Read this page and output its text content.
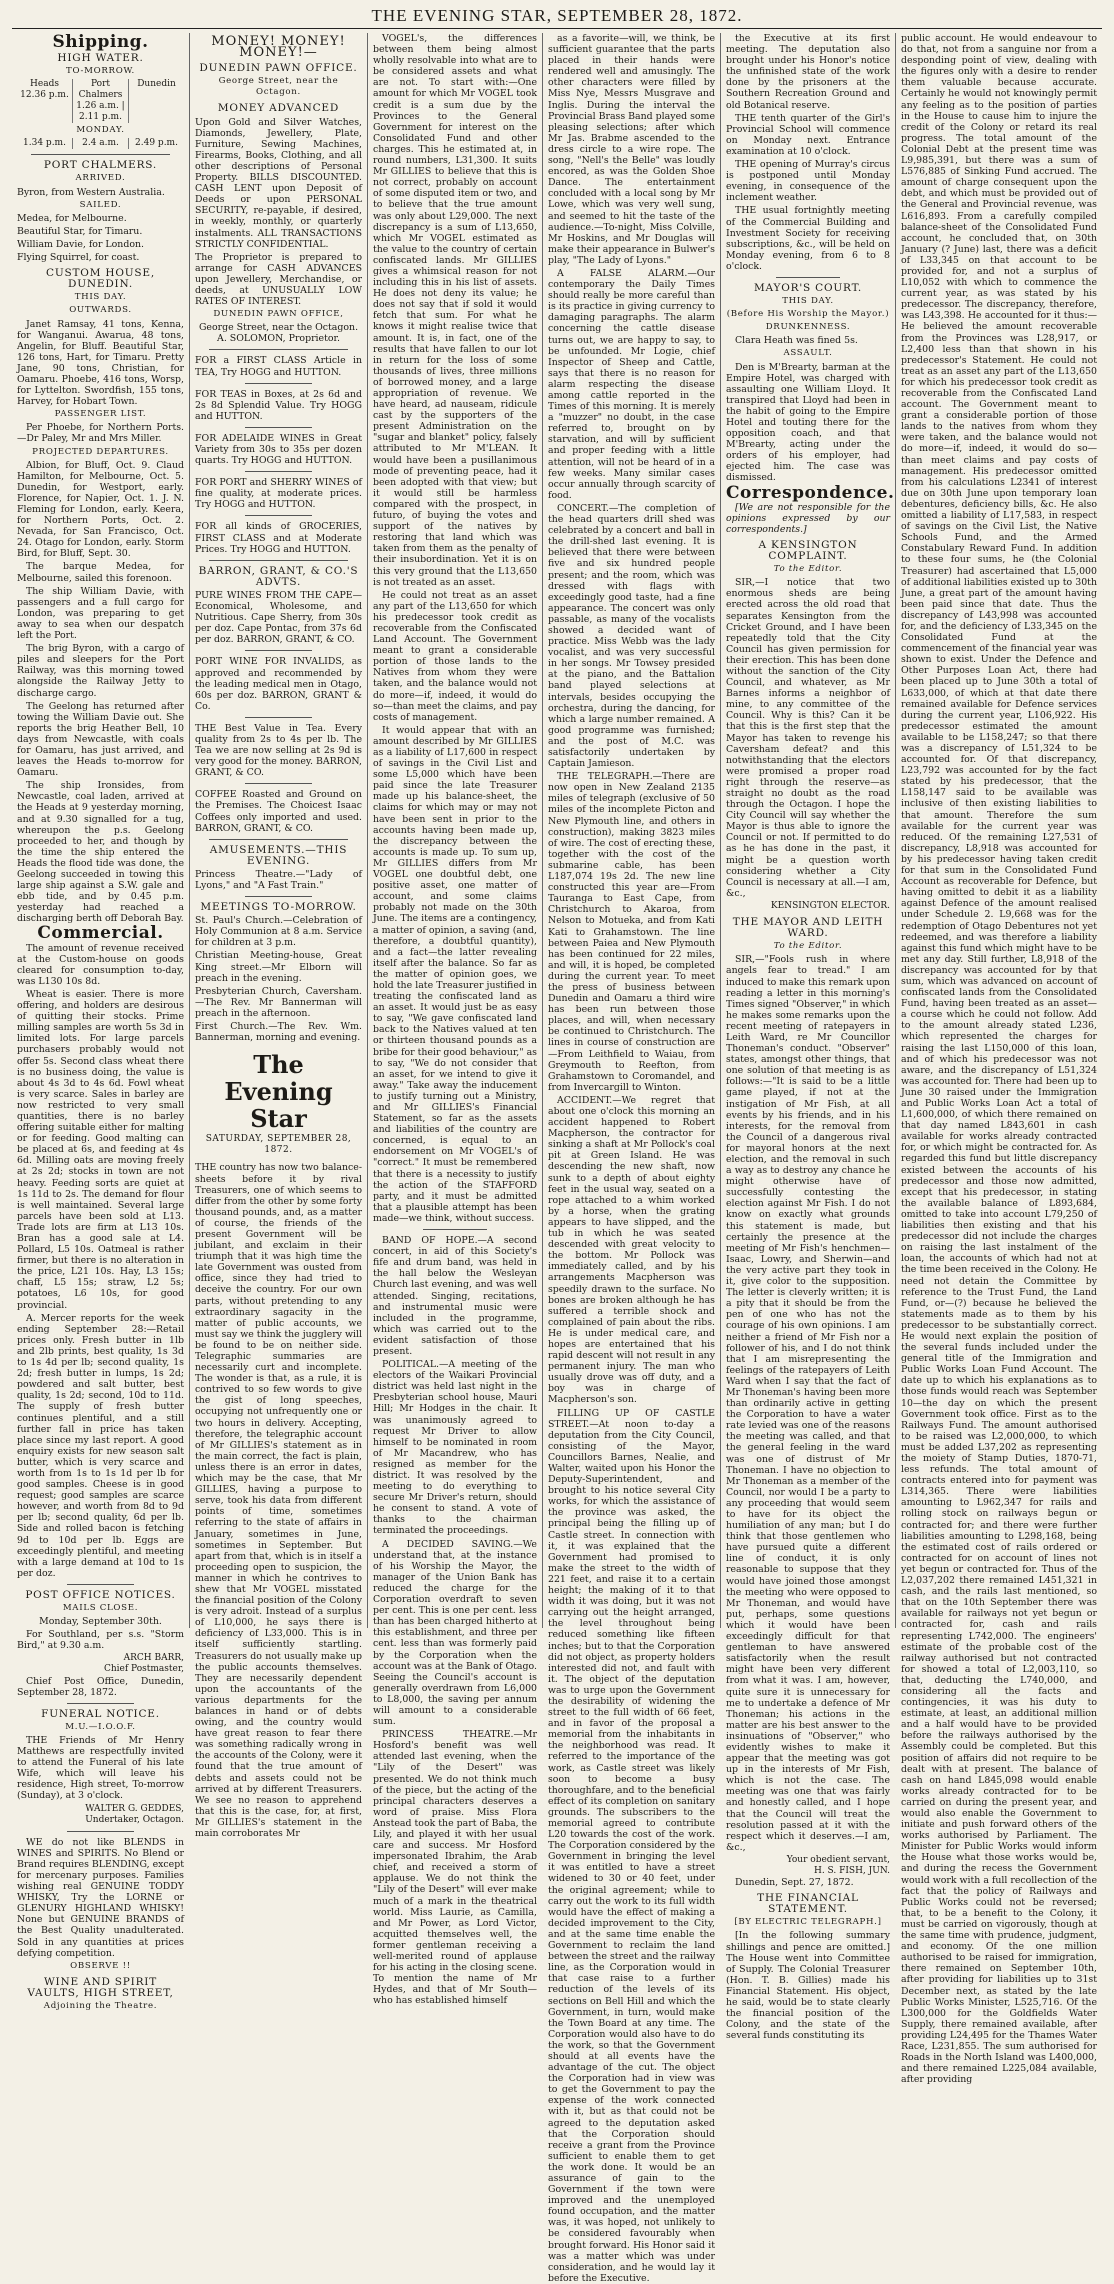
THE EVENING STAR, SEPTEMBER 28, 1872.
Shipping.
HIGH WATER.
TO-MORROW.
Heads 12.36 p.m.
Port Chalmers 1.26 a.m. | 2.11 p.m.
Dunedin
MONDAY.
1.34 p.m.	2.4 a.m.	2.49 p.m.
PORT CHALMERS.
ARRIVED.

Byron, from Western Australia.

SAILED.

Medea, for Melbourne.

Beautiful Star, for Timaru.

William Davie, for London.

Flying Squirrel, for coast.

CUSTOM HOUSE, DUNEDIN.
THIS DAY.
OUTWARDS.

Janet Ramsay, 41 tons, Kenna, for Wanganui. Awarua, 48 tons, Angelin, for Bluff. Beautiful Star, 126 tons, Hart, for Timaru. Pretty Jane, 90 tons, Christian, for Oamaru. Phoebe, 416 tons, Worsp, for Lyttelton. Swordfish, 155 tons, Harvey, for Hobart Town.

PASSENGER LIST.

Per Phoebe, for Northern Ports.—Dr Paley, Mr and Mrs Miller.

PROJECTED DEPARTURES.

Albion, for Bluff, Oct. 9. Claud Hamilton, for Melbourne, Oct. 5. Dunedin, for Westport, early. Florence, for Napier, Oct. 1. J. N. Fleming for London, early. Keera, for Northern Ports, Oct. 2. Nevada, for San Francisco, Oct. 24. Otago for London, early. Storm Bird, for Bluff, Sept. 30.

The barque Medea, for Melbourne, sailed this forenoon.

The ship William Davie, with passengers and a full cargo for London, was preparing to get away to sea when our despatch left the Port.

The brig Byron, with a cargo of piles and sleepers for the Port Railway, was this morning towed alongside the Railway Jetty to discharge cargo.

The Geelong has returned after towing the William Davie out. She reports the brig Heather Bell, 10 days from Newcastle, with coals for Oamaru, has just arrived, and leaves the Heads to-morrow for Oamaru.

The ship Ironsides, from Newcastle, coal laden, arrived at the Heads at 9 yesterday morning, and at 9.30 signalled for a tug, whereupon the p.s. Geelong proceeded to her, and though by the time the ship entered the Heads the flood tide was done, the Geelong succeeded in towing this large ship against a S.W. gale and ebb tide, and by 0.45 p.m. yesterday had reached a discharging berth off Deborah Bay.

Commercial.

The amount of revenue received at the Custom-house on goods cleared for consumption to-day, was L130 10s 8d.

Wheat is easier. There is more offering, and holders are desirous of quitting their stocks. Prime milling samples are worth 5s 3d in limited lots. For large parcels purchasers probably would not offer 5s. Second class wheat there is no business doing, the value is about 4s 3d to 4s 6d. Fowl wheat is very scarce. Sales in barley are now restricted to very small quantities, there is no barley offering suitable either for malting or for feeding. Good malting can be placed at 6s, and feeding at 4s 6d. Milling oats are moving freely at 2s 2d; stocks in town are not heavy. Feeding sorts are quiet at 1s 11d to 2s. The demand for flour is well maintained. Several large parcels have been sold at L13. Trade lots are firm at L13 10s. Bran has a good sale at L4. Pollard, L5 10s. Oatmeal is rather firmer, but there is no alteration in the price, L21 10s. Hay, L3 15s; chaff, L5 15s; straw, L2 5s; potatoes, L6 10s, for good provincial.

A. Mercer reports for the week ending September 28:—Retail prices only. Fresh butter in 1lb and 2lb prints, best quality, 1s 3d to 1s 4d per lb; second quality, 1s 2d; fresh butter in lumps, 1s 2d; powdered and salt butter, best quality, 1s 2d; second, 10d to 11d. The supply of fresh butter continues plentiful, and a still further fall in price has taken place since my last report. A good enquiry exists for new season salt butter, which is very scarce and worth from 1s to 1s 1d per lb for good samples. Cheese is in good request; good samples are scarce however, and worth from 8d to 9d per lb; second quality, 6d per lb. Side and rolled bacon is fetching 9d to 10d per lb. Eggs are exceedingly plentiful, and meeting with a large demand at 10d to 1s per doz.

POST OFFICE NOTICES.
MAILS CLOSE.

Monday, September 30th.

For Southland, per s.s. "Storm Bird," at 9.30 a.m.

ARCH BARR,
Chief Postmaster,

Chief Post Office, Dunedin, September 28, 1872.

FUNERAL NOTICE.
M.U.—I.O.O.F.

THE Friends of Mr Henry Matthews are respectfully invited to attend the Funeral of his late Wife, which will leave his residence, High street, To-morrow (Sunday), at 3 o'clock.

WALTER G. GEDDES,
Undertaker, Octagon.

WE do not like BLENDS in WINES and SPIRITS. No Blend or Brand requires BLENDING, except for mercenary purposes. Families wishing real GENUINE TODDY WHISKY, Try the LORNE or GLENURY HIGHLAND WHISKY! None but GENUINE BRANDS of the Best Quality unadulterated. Sold in any quantities at prices defying competition.

OBSERVE !!
WINE AND SPIRIT VAULTS, HIGH STREET,
Adjoining the Theatre.
MONEY! MONEY! MONEY!—
DUNEDIN PAWN OFFICE.
George Street, near the Octagon.
MONEY ADVANCED

Upon Gold and Silver Watches, Diamonds, Jewellery, Plate, Furniture, Sewing Machines, Firearms, Books, Clothing, and all other descriptions of Personal Property. BILLS DISCOUNTED. CASH LENT upon Deposit of Deeds or upon PERSONAL SECURITY, re-payable, if desired, in weekly, monthly, or quarterly instalments. ALL TRANSACTIONS STRICTLY CONFIDENTIAL.

The Proprietor is prepared to arrange for CASH ADVANCES upon Jewellery, Merchandise, or deeds, at UNUSUALLY LOW RATES OF INTEREST.

DUNEDIN PAWN OFFICE,

George Street, near the Octagon. A. SOLOMON, Proprietor.

FOR a FIRST CLASS Article in TEA, Try HOGG and HUTTON.

FOR TEAS in Boxes, at 2s 6d and 2s 8d Splendid Value. Try HOGG and HUTTON.

FOR ADELAIDE WINES in Great Variety from 30s to 35s per dozen quarts. Try HOGG and HUTTON.

FOR PORT and SHERRY WINES of fine quality, at moderate prices. Try HOGG and HUTTON.

FOR all kinds of GROCERIES, FIRST CLASS and at Moderate Prices. Try HOGG and HUTTON.

BARRON, GRANT, & CO.'S ADVTS.

PURE WINES FROM THE CAPE—Economical, Wholesome, and Nutritious. Cape Sherry, from 30s per doz. Cape Pontac, from 37s 6d per doz. BARRON, GRANT, & CO.

PORT WINE FOR INVALIDS, as approved and recommended by the leading medical men in Otago, 60s per doz. BARRON, GRANT & Co.

THE Best Value in Tea. Every quality from 2s to 4s per lb. The Tea we are now selling at 2s 9d is very good for the money. BARRON, GRANT, & CO.

COFFEE Roasted and Ground on the Premises. The Choicest Isaac Coffees only imported and used. BARRON, GRANT, & CO.

AMUSEMENTS.—THIS EVENING.

Princess Theatre.—"Lady of Lyons," and "A Fast Train."

MEETINGS TO-MORROW.

St. Paul's Church.—Celebration of Holy Communion at 8 a.m. Service for children at 3 p.m.

Christian Meeting-house, Great King street.—Mr Elborn will preach in the evening.

Presbyterian Church, Caversham.—The Rev. Mr Bannerman will preach in the afternoon.

First Church.—The Rev. Wm. Bannerman, morning and evening.

The Evening Star
SATURDAY, SEPTEMBER 28, 1872.

THE country has now two balance-sheets before it by rival Treasurers, one of which seems to differ from the other by some forty thousand pounds, and, as a matter of course, the friends of the present Government will be jubilant, and exclaim in their triumph that it was high time the late Government was ousted from office, since they had tried to deceive the country. For our own parts, without pretending to any extraordinary sagacity in the matter of public accounts, we must say we think the jugglery will be found to be on neither side. Telegraphic summaries are necessarily curt and incomplete. The wonder is that, as a rule, it is contrived to so few words to give the gist of long speeches, occupying not unfrequently one or two hours in delivery. Accepting, therefore, the telegraphic account of Mr GILLIES's statement as in the main correct, the fact is plain, unless there is an error in dates, which may be the case, that Mr GILLIES, having a purpose to serve, took his data from different points of time, sometimes referring to the state of affairs in January, sometimes in June, sometimes in September. But apart from that, which is in itself a proceeding open to suspicion, the manner in which he contrives to shew that Mr VOGEL misstated the financial position of the Colony is very adroit. Instead of a surplus of L10,000, he says there is deficiency of L33,000. This is in itself sufficiently startling. Treasurers do not usually make up the public accounts themselves. They are necessarily dependent upon the accountants of the various departments for the balances in hand or of debts owing, and the country would have great reason to fear there was something radically wrong in the accounts of the Colony, were it found that the true amount of debts and assets could not be arrived at by different Treasurers. We see no reason to apprehend that this is the case, for, at first, Mr GILLIES's statement in the main corroborates Mr

VOGEL's, the differences between them being almost wholly resolvable into what are to be considered assets and what are not. To start with:—One amount for which Mr VOGEL took credit is a sum due by the Provinces to the General Government for interest on the Consolidated Fund and other charges. This he estimated at, in round numbers, L31,300. It suits Mr GILLIES to believe that this is not correct, probably on account of some disputed item or two, and to believe that the true amount was only about L29,000. The next discrepancy is a sum of L13,650, which Mr VOGEL estimated as the value to the country of certain confiscated lands. Mr GILLIES gives a whimsical reason for not including this in his list of assets. He does not deny its value; he does not say that if sold it would fetch that sum. For what he knows it might realise twice that amount. It is, in fact, one of the results that have fallen to our lot in return for the loss of some thousands of lives, three millions of borrowed money, and a large appropriation of revenue. We have heard, ad nauseam, ridicule cast by the supporters of the present Administration on the "sugar and blanket" policy, falsely attributed to Mr M'LEAN. It would have been a pusillanimous mode of preventing peace, had it been adopted with that view; but it would still be harmless compared with the prospect, in futuro, of buying the votes and support of the natives by restoring that land which was taken from them as the penalty of their insubordination. Yet it is on this very ground that the L13,650 is not treated as an asset.

He could not treat as an asset any part of the L13,650 for which his predecessor took credit as recoverable from the Confiscated Land Account. The Government meant to grant a considerable portion of those lands to the Natives from whom they were taken, and the balance would not do more—if, indeed, it would do so—than meet the claims, and pay costs of management.

It would appear that with an amount described by Mr GILLIES as a liability of L17,600 in respect of savings in the Civil List and some L5,000 which have been paid since the late Treasurer made up his balance-sheet, the claims for which may or may not have been sent in prior to the accounts having been made up, the discrepancy between the accounts is made up. To sum up, Mr GILLIES differs from Mr VOGEL one doubtful debt, one positive asset, one matter of account, and some claims probably not made on the 30th June. The items are a contingency, a matter of opinion, a saving (and, therefore, a doubtful quantity), and a fact—the latter revealing itself after the balance. So far as the matter of opinion goes, we hold the late Treasurer justified in treating the confiscated land as an asset. It would just be as easy to say, "We gave confiscated land back to the Natives valued at ten or thirteen thousand pounds as a bribe for their good behaviour," as to say, "We do not consider that an asset, for we intend to give it away." Take away the inducement to justify turning out a Ministry, and Mr GILLIES's Financial Statement, so far as the assets and liabilities of the country are concerned, is equal to an endorsement on Mr VOGEL's of "correct." It must be remembered that there is a necessity to justify the action of the STAFFORD party, and it must be admitted that a plausible attempt has been made—we think, without success.

BAND OF HOPE.—A second concert, in aid of this Society's fife and drum band, was held in the hall below the Wesleyan Church last evening, and was well attended. Singing, recitations, and instrumental music were included in the programme, which was carried out to the evident satisfaction of those present.

POLITICAL.—A meeting of the electors of the Waikari Provincial district was held last night in the Presbyterian school house, Mauri Hill; Mr Hodges in the chair. It was unanimously agreed to request Mr Driver to allow himself to be nominated in room of Mr Macandrew, who has resigned as member for the district. It was resolved by the meeting to do everything to secure Mr Driver's return, should he consent to stand. A vote of thanks to the chairman terminated the proceedings.

A DECIDED SAVING.—We understand that, at the instance of his Worship the Mayor, the manager of the Union Bank has reduced the charge for the Corporation overdraft to seven per cent. This is one per cent. less than has been charged hitherto at this establishment, and three per cent. less than was formerly paid by the Corporation when the account was at the Bank of Otago. Seeing the Council's account is generally overdrawn from L6,000 to L8,000, the saving per annum will amount to a considerable sum.

PRINCESS THEATRE.—Mr Hosford's benefit was well attended last evening, when the "Lily of the Desert" was presented. We do not think much of the piece, but the acting of the principal characters deserves a word of praise. Miss Flora Anstead took the part of Baba, the Lily, and played it with her usual care and success. Mr Hosford impersonated Ibrahim, the Arab chief, and received a storm of applause. We do not think the "Lily of the Desert" will ever make much of a mark in the theatrical world. Miss Laurie, as Camilla, and Mr Power, as Lord Victor, acquitted themselves well, the former gentleman receiving a well-merited round of applause for his acting in the closing scene. To mention the name of Mr Hydes, and that of Mr South—who has established himself

as a favorite—will, we think, be sufficient guarantee that the parts placed in their hands were rendered well and amusingly. The other characters were filled by Miss Nye, Messrs Musgrave and Inglis. During the interval the Provincial Brass Band played some pleasing selections; after which Mr Jas. Brabme ascended to the dress circle to a wire rope. The song, "Nell's the Belle" was loudly encored, as was the Golden Shoe Dance. The entertainment concluded with a local song by Mr Lowe, which was very well sung, and seemed to hit the taste of the audience.—To-night, Miss Colville, Mr Hoskins, and Mr Douglas will make their appearance in Bulwer's play, "The Lady of Lyons."

A FALSE ALARM.—Our contemporary the Daily Times should really be more careful than is its practice in giving currency to damaging paragraphs. The alarm concerning the cattle disease turns out, we are happy to say, to be unfounded. Mr Logie, chief Inspector of Sheep and Cattle, says that there is no reason for alarm respecting the disease among cattle reported in the Times of this morning. It is merely a "muzzer" no doubt, in the case referred to, brought on by starvation, and will by sufficient and proper feeding with a little attention, will not be heard of in a few weeks. Many similar cases occur annually through scarcity of food.

CONCERT.—The completion of the head quarters drill shed was celebrated by a concert and ball in the drill-shed last evening. It is believed that there were between five and six hundred people present; and the room, which was dressed with flags with exceedingly good taste, had a fine appearance. The concert was only passable, as many of the vocalists showed a decided want of practice. Miss Webb was the lady vocalist, and was very successful in her songs. Mr Towsey presided at the piano, and the Battalion band played selections at intervals, besides occupying the orchestra, during the dancing, for which a large number remained. A good programme was furnished; and the post of M.C. was satisfactorily undertaken by Captain Jamieson.

THE TELEGRAPH.—There are now open in New Zealand 2135 miles of telegraph (exclusive of 50 miles of the incomplete Picton and New Plymouth line, and others in construction), making 3823 miles of wire. The cost of erecting these, together with the cost of the submarine cable, has been L187,074 19s 2d. The new line constructed this year are—From Tauranga to East Cape, from Christchurch to Akaroa, from Nelson to Motueka, and from Kati Kati to Grahamstown. The line between Paiea and New Plymouth has been continued for 22 miles, and will, it is hoped, be completed during the current year. To meet the press of business between Dunedin and Oamaru a third wire has been run between those places, and will, when necessary be continued to Christchurch. The lines in course of construction are—From Leithfield to Waiau, from Greymouth to Reefton, from Grahamstown to Coromandel, and from Invercargill to Winton.

ACCIDENT.—We regret that about one o'clock this morning an accident happened to Robert Macpherson, the contractor for sinking a shaft at Mr Pollock's coal pit at Green Island. He was descending the new shaft, now sunk to a depth of about eighty feet in the usual way, seated on a rope attached to a whim worked by a horse, when the grating appears to have slipped, and the tub in which he was seated descended with great velocity to the bottom. Mr Pollock was immediately called, and by his arrangements Macpherson was speedily drawn to the surface. No bones are broken although he has suffered a terrible shock and complained of pain about the ribs. He is under medical care, and hopes are entertained that his rapid descent will not result in any permanent injury. The man who usually drove was off duty, and a boy was in charge of Macpherson's son.

FILLING UP OF CASTLE STREET.—At noon to-day a deputation from the City Council, consisting of the Mayor, Councillors Barnes, Nealie, and Walter, waited upon his Honor the Deputy-Superintendent, and brought to his notice several City works, for which the assistance of the province was asked, the principal being the filling up of Castle street. In connection with it, it was explained that the Government had promised to make the street to the width of 221 feet, and raise it to a certain height; the making of it to that width it was doing, but it was not carrying out the height arranged, the level throughout being reduced something like fifteen inches; but to that the Corporation did not object, as property holders interested did not, and fault with it. The object of the deputation was to urge upon the Government the desirability of widening the street to the full width of 66 feet, and in favor of the proposal a memorial from the inhabitants in the neighborhood was read. It referred to the importance of the work, as Castle street was likely soon to become a busy thoroughfare, and to the beneficial effect of its completion on sanitary grounds. The subscribers to the memorial agreed to contribute L20 towards the cost of the work. The Corporation considered by the Government in bringing the level it was entitled to have a street widened to 30 or 40 feet, under the original agreement; while to carry out the work to its full width would have the effect of making a decided improvement to the City, and at the same time enable the Government to reclaim the land between the street and the railway line, as the Corporation would in that case raise to a further reduction of the levels of its sections on Bell Hill and which the Government, in turn, would make the Town Board at any time. The Corporation would also have to do the work, so that the Government should at all events have the advantage of the cut. The object the Corporation had in view was to get the Government to pay the expense of the work connected with it, but as that could not be agreed to the deputation asked that the Corporation should receive a grant from the Province sufficient to enable them to get the work done. It would be an assurance of gain to the Government if the town were improved and the unemployed found occupation, and the matter was, it was hoped, not unlikely to be considered favourably when brought forward. His Honor said it was a matter which was under consideration, and he would lay it before the Executive.

the Executive at its first meeting. The deputation also brought under his Honor's notice the unfinished state of the work done by the prisoners at the Southern Recreation Ground and old Botanical reserve.

THE tenth quarter of the Girl's Provincial School will commence on Monday next. Entrance examination at 10 o'clock.

THE opening of Murray's circus is postponed until Monday evening, in consequence of the inclement weather.

THE usual fortnightly meeting of the Commercial Building and Investment Society for receiving subscriptions, &c., will be held on Monday evening, from 6 to 8 o'clock.

MAYOR'S COURT.
THIS DAY.
(Before His Worship the Mayor.)
DRUNKENNESS.

Clara Heath was fined 5s.

ASSAULT.

Den is M'Brearty, barman at the Empire Hotel, was charged with assaulting one William Lloyd. It transpired that Lloyd had been in the habit of going to the Empire Hotel and touting there for the opposition coach, and that M'Brearty, acting under the orders of his employer, had ejected him. The case was dismissed.

Correspondence.

[We are not responsible for the opinions expressed by our correspondents.]

A KENSINGTON COMPLAINT.
To the Editor.

SIR,—I notice that two enormous sheds are being erected across the old road that separates Kensington from the Cricket Ground, and I have been repeatedly told that the City Council has given permission for their erection. This has been done without the sanction of the City Council, and whatever, as Mr Barnes informs a neighbor of mine, to any committee of the Council. Why is this? Can it be that this is the first step that the Mayor has taken to revenge his Caversham defeat? and this notwithstanding that the electors were promised a proper road right through the reserve—as straight no doubt as the road through the Octagon. I hope the City Council will say whether the Mayor is thus able to ignore the Council or not. If permitted to do as he has done in the past, it might be a question worth considering whether a City Council is necessary at all.—I am, &c.,

KENSINGTON ELECTOR.
THE MAYOR AND LEITH WARD.
To the Editor.

SIR,—"Fools rush in where angels fear to tread." I am induced to make this remark upon reading a letter in this morning's Times signed "Observer," in which he makes some remarks upon the recent meeting of ratepayers in Leith Ward, re Mr Councillor Thoneman's conduct. "Observer" states, amongst other things, that one solution of that meeting is as follows:—"It is said to be a little game played, if not at the instigation of Mr Fish, at all events by his friends, and in his interests, for the removal from the Council of a dangerous rival for mayoral honors at the next election, and the removal in such a way as to destroy any chance he might otherwise have of successfully contesting the election against Mr Fish. I do not know on exactly what grounds this statement is made, but certainly the presence at the meeting of Mr Fish's henchmen—Isaac, Lowry, and Sherwin—and the very active part they took in it, give color to the supposition. The letter is cleverly written; it is a pity that it should be from the pen of one who has not the courage of his own opinions. I am neither a friend of Mr Fish nor a follower of his, and I do not think that I am misrepresenting the feelings of the ratepayers of Leith Ward when I say that the fact of Mr Thoneman's having been more than ordinarily active in getting the Corporation to have a water rate levied was one of the reasons the meeting was called, and that the general feeling in the ward was one of distrust of Mr Thoneman. I have no objection to Mr Thoneman as a member of the Council, nor would I be a party to any proceeding that would seem to have for its object the humiliation of any man; but I do think that those gentlemen who have pursued quite a different line of conduct, it is only reasonable to suppose that they would have joined those amongst the meeting who were opposed to Mr Thoneman, and would have put, perhaps, some questions which it would have been exceedingly difficult for that gentleman to have answered satisfactorily when the result might have been very different from what it was. I am, however, quite sure it is unnecessary for me to undertake a defence of Mr Thoneman; his actions in the matter are his best answer to the insinuations of "Observer," who evidently wishes to make it appear that the meeting was got up in the interests of Mr Fish, which is not the case. The meeting was one that was fairly and honestly called, and I hope that the Council will treat the resolution passed at it with the respect which it deserves.—I am, &c.,

Your obedient servant,
H. S. FISH, JUN.

Dunedin, Sept. 27, 1872.

THE FINANCIAL STATEMENT.
[BY ELECTRIC TELEGRAPH.]

[In the following summary shillings and pence are omitted.] The House went into Committee of Supply. The Colonial Treasurer (Hon. T. B. Gillies) made his Financial Statement. His object, he said, would be to state clearly the financial position of the Colony, and the state of the several funds constituting its

public account. He would endeavour to do that, not from a sanguine nor from a desponding point of view, dealing with the figures only with a desire to render them valuable because accurate. Certainly he would not knowingly permit any feeling as to the position of parties in the House to cause him to injure the credit of the Colony or retard its real progress. The total amount of the Colonial Debt at the present time was L9,985,391, but there was a sum of L576,885 of Sinking Fund accrued. The amount of charge consequent upon the debt, and which must be provided out of the General and Provincial revenue, was L616,893. From a carefully compiled balance-sheet of the Consolidated Fund account, he concluded that, on 30th January (? June) last, there was a deficit of L33,345 on that account to be provided for, and not a surplus of L10,052 with which to commence the current year, as was stated by his predecessor. The discrepancy, therefore, was L43,398. He accounted for it thus:—He believed the amount recoverable from the Provinces was L28,917, or L2,400 less than that shown in his predecessor's Statement. He could not treat as an asset any part of the L13,650 for which his predecessor took credit as recoverable from the Confiscated Land account. The Government meant to grant a considerable portion of those lands to the natives from whom they were taken, and the balance would not do more—if, indeed, it would do so—than meet claims and pay costs of management. His predecessor omitted from his calculations L2341 of interest due on 30th June upon temporary loan debentures, deficiency bills, &c. He also omitted a liability of L17,583, in respect of savings on the Civil List, the Native Schools Fund, and the Armed Constabulary Reward Fund. In addition to these four sums, he (the Colonial Treasurer) had ascertained that L5,000 of additional liabilities existed up to 30th June, a great part of the amount having been paid since that date. Thus the discrepancy of L43,998 was accounted for, and the deficiency of L33,345 on the Consolidated Fund at the commencement of the financial year was shown to exist. Under the Defence and Other Purposes Loan Act, there had been placed up to June 30th a total of L633,000, of which at that date there remained available for Defence services during the current year, L106,922. His predecessor estimated the amount available to be L158,247; so that there was a discrepancy of L51,324 to be accounted for. Of that discrepancy, L23,792 was accounted for by the fact stated by his predecessor, that the L158,147 said to be available was inclusive of then existing liabilities to that amount. Therefore the sum available for the current year was reduced. Of the remaining L27,531 of discrepancy, L8,918 was accounted for by his predecessor having taken credit for that sum in the Consolidated Fund Account as recoverable for Defence, but having omitted to debit it as a liability against Defence of the amount realised under Schedule 2. L9,668 was for the redemption of Otago Debentures not yet redeemed, and was therefore a liability against this fund which might have to be met any day. Still further, L8,918 of the discrepancy was accounted for by that sum, which was advanced on account of confiscated lands from the Consolidated Fund, having been treated as an asset—a course which he could not follow. Add to the amount already stated L236, which represented the charges for raising the last L150,000 of this loan, and of which his predecessor was not aware, and the discrepancy of L51,324 was accounted for. There had been up to June 30 raised under the Immigration and Public Works Loan Act a total of L1,600,000, of which there remained on that day named L843,601 in cash available for works already contracted for, or which might be contracted for. As regarded this fund but little discrepancy existed between the accounts of his predecessor and those now admitted, except that his predecessor, in stating the available balance of L893,684, omitted to take into account L79,250 of liabilities then existing and that his predecessor did not include the charges on raising the last instalment of the loan, the accounts of which had not at the time been received in the Colony. He need not detain the Committee by reference to the Trust Fund, the Land Fund, or—(?) because he believed the statements made as to them by his predecessor to be substantially correct. He would next explain the position of the several funds included under the general title of the Immigration and Public Works Loan Fund Account. The date up to which his explanations as to those funds would reach was September 10—the day on which the present Government took office. First as to the Railways Fund. The amount authorised to be raised was L2,000,000, to which must be added L37,202 as representing the moiety of Stamp Duties, 1870-71, less refunds. The total amount of contracts entered into for payment was L314,365. There were liabilities amounting to L962,347 for rails and rolling stock on railways begun or contracted for; and there were further liabilities amounting to L298,168, being the estimated cost of rails ordered or contracted for on account of lines not yet begun or contracted for. Thus of the L2,037,202 there remained L451,321 in cash, and the rails last mentioned, so that on the 10th September there was available for railways not yet begun or contracted for, cash and rails representing L742,000. The engineers' estimate of the probable cost of the railway authorised but not contracted for showed a total of L2,003,110, so that, deducting the L740,000, and considering all the facts and contingencies, it was his duty to estimate, at least, an additional million and a half would have to be provided before the railways authorised by the Assembly could be completed. But this position of affairs did not require to be dealt with at present. The balance of cash on hand L845,098 would enable works already contracted for to be carried on during the present year, and would also enable the Government to initiate and push forward others of the works authorised by Parliament. The Minister for Public Works would inform the House what those works would be, and during the recess the Government would work with a full recollection of the fact that the policy of Railways and Public Works could not be reversed; that, to be a benefit to the Colony, it must be carried on vigorously, though at the same time with prudence, judgment, and economy. Of the one million authorised to be raised for immigration, there remained on September 10th, after providing for liabilities up to 31st December next, as stated by the late Public Works Minister, L525,716. Of the L300,000 for the Goldfields Water Supply, there remained available, after providing L24,495 for the Thames Water Race, L231,855. The sum authorised for Roads in the North Island was L400,000, and there remained L225,084 available, after providing
